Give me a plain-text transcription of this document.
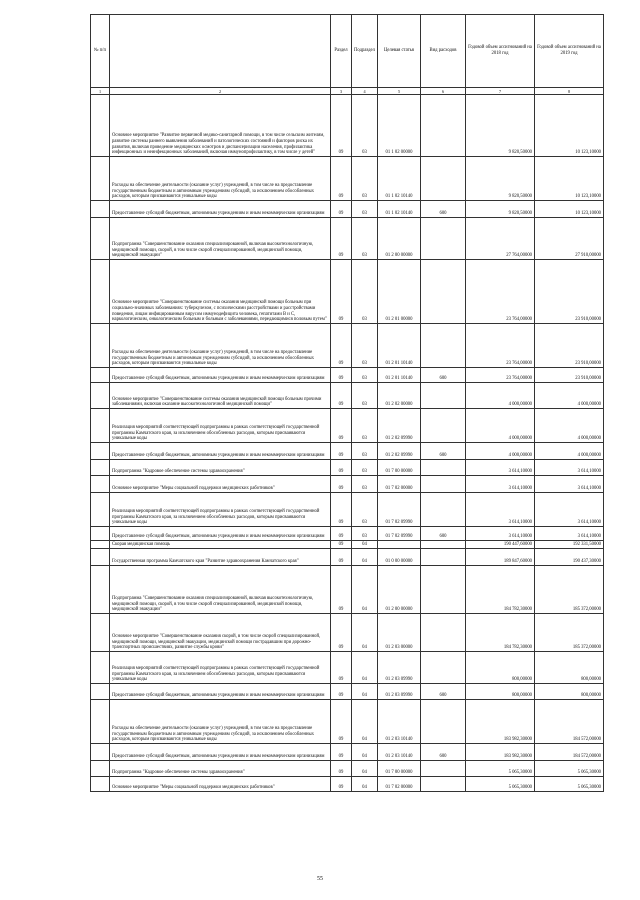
№ п/п		Раздел	Подраздел	Целевая статья	Вид расходов	Годовой объем ассигнований на 2018 год	Годовой объем ассигнований на 2019 год
1	2	3	4	5	6	7	8
	Основное мероприятие "Развитие первичной медико-санитарной помощи, в том числе сельским жителям, развитие системы раннего выявления заболеваний и патологических состояний и факторов риска их развития, включая проведение медицинских осмотров и диспансеризации населения, профилактика инфекционных и неинфекционных заболеваний, включая иммунопрофилактику, в том числе у детей"	09	03	01 1 02 00000		9 820,50000	10 123,10000
	Расходы на обеспечение деятельности (оказание услуг) учреждений, в том числе на предоставление государственным бюджетным и автономным учреждениям субсидий, за исключением обособленных расходов, которым присваиваются уникальные коды	09	03	01 1 02 10140		9 820,50000	10 123,10000
	Предоставление субсидий бюджетным, автономным учреждениям и иным некоммерческим организациям	09	03	01 1 02 10140	600	9 820,50000	10 123,10000
	Подпрограмма "Совершенствование оказания специализированной, включая высокотехнологичную, медицинской помощи, скорой, в том числе скорой специализированной, медицинской помощи, медицинской эвакуации"	09	03	01 2 00 00000		27 764,00000	27 910,00000
	Основное мероприятие "Совершенствование системы оказания медицинской помощи больным при социально-значимых заболеваниях: туберкулезом, с психическими расстройствами и расстройствами поведения, лицам инфицированным вирусом иммунодефицита человека, гепатитами В и С, наркологическим, онкологическим больным и больным с заболеваниями, передающимися половым путем"	09	03	01 2 01 00000		23 764,00000	23 910,00000
	Расходы на обеспечение деятельности (оказание услуг) учреждений, в том числе на предоставление государственным бюджетным и автономным учреждениям субсидий, за исключением обособленных расходов, которым присваиваются уникальные коды	09	03	01 2 01 10140		23 764,00000	23 910,00000
	Предоставление субсидий бюджетным, автономным учреждениям и иным некоммерческим организациям	09	03	01 2 01 10140	600	23 764,00000	23 910,00000
	Основное мероприятие "Совершенствование системы оказания медицинской помощи больным прочими заболеваниями, включая оказание высокотехнологичной медицинской помощи"	09	03	01 2 02 00000		4 000,00000	4 000,00000
	Реализация мероприятий соответствующей подпрограммы в рамках соответствующей государственной программы Камчатского края, за исключением обособленных расходов, которым присваиваются уникальные коды	09	03	01 2 02 09990		4 000,00000	4 000,00000
	Предоставление субсидий бюджетным, автономным учреждениям и иным некоммерческим организациям	09	03	01 2 02 09990	600	4 000,00000	4 000,00000
	Подпрограмма "Кадровое обеспечение системы здравоохранения"	09	03	01 7 00 00000		3 614,10000	3 614,10000
	Основное мероприятие "Меры социальной поддержки медицинских работников"	09	03	01 7 02 00000		3 614,10000	3 614,10000
	Реализация мероприятий соответствующей подпрограммы в рамках соответствующей государственной программы Камчатского края, за исключением обособленных расходов, которым присваиваются уникальные коды	09	03	01 7 02 09990		3 614,10000	3 614,10000
	Предоставление субсидий бюджетным, автономным учреждениям и иным некоммерческим организациям	09	03	01 7 02 09990	600	3 614,10000	3 614,10000
	Скорая медицинская помощь	09	04			190 447,60000	192 331,50000
	Государственная программа Камчатского края "Развитие здравоохранения Камчатского края"	09	04	01 0 00 00000		189 847,60000	190 437,30000
	Подпрограмма "Совершенствование оказания специализированной, включая высокотехнологичную, медицинской помощи, скорой, в том числе скорой специализированной, медицинской помощи, медицинской эвакуации"	09	04	01 2 00 00000		184 782,30000	185 372,00000
	Основное мероприятие "Совершенствование оказания скорой, в том числе скорой специализированной, медицинской помощи, медицинской эвакуации, медицинской помощи пострадавшим при дорожно-транспортных происшествиях, развитие службы крови"	09	04	01 2 03 00000		184 782,30000	185 372,00000
	Реализация мероприятий соответствующей подпрограммы в рамках соответствующей государственной программы Камчатского края, за исключением обособленных расходов, которым присваиваются уникальные коды	09	04	01 2 03 09990		800,00000	800,00000
	Предоставление субсидий бюджетным, автономным учреждениям и иным некоммерческим организациям	09	04	01 2 03 09990	600	800,00000	800,00000
	Расходы на обеспечение деятельности (оказание услуг) учреждений, в том числе на предоставление государственным бюджетным и автономным учреждениям субсидий, за исключением обособленных расходов, которым присваиваются уникальные коды	09	04	01 2 03 10140		183 982,30000	184 572,00000
	Предоставление субсидий бюджетным, автономным учреждениям и иным некоммерческим организациям	09	04	01 2 03 10140	600	183 982,30000	184 572,00000
	Подпрограмма "Кадровое обеспечение системы здравоохранения"	09	04	01 7 00 00000		5 065,30000	5 065,30000
	Основное мероприятие "Меры социальной поддержки медицинских работников"	09	04	01 7 02 00000		5 065,30000	5 065,30000
55
